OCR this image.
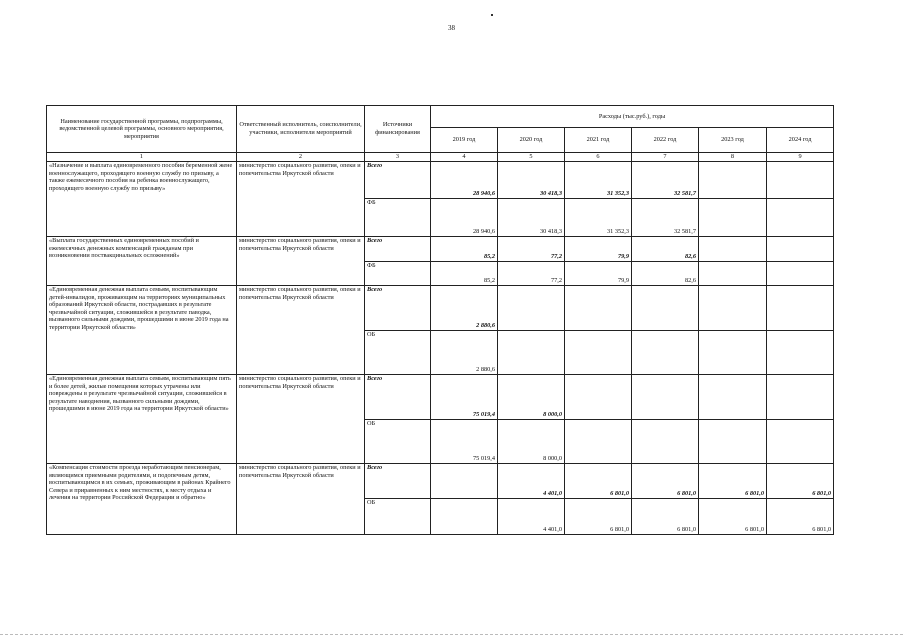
38
Наименование государственной программы, подпрограммы, ведомственной целевой программы, основного мероприятия, мероприятия	Ответственный исполнитель, соисполнители, участники, исполнители мероприятий	Источники финансирования	Расходы (тыс.руб.), годы					
			2019 год	2020 год	2021 год	2022 год	2023 год	2024 год
1	2	3	4	5	6	7	8	9
«Назначение и выплата единовременного пособия беременной жене военнослужащего, проходящего военную службу по призыву, а также ежемесячного пособия на ребенка военнослужащего, проходящего военную службу по призыву»	министерство социального развития, опеки и попечительства Иркутской области	Всего	28 940,6	30 418,3	31 352,3	32 581,7		
		ФБ	28 940,6	30 418,3	31 352,3	32 581,7		
«Выплата государственных единовременных пособий и ежемесячных денежных компенсаций гражданам при возникновении поствакцинальных осложнений»	министерство социального развития, опеки и попечительства Иркутской области	Всего	85,2	77,2	79,9	82,6		
		ФБ	85,2	77,2	79,9	82,6		
«Единовременная денежная выплата семьям, воспитывающим детей-инвалидов, проживающим на территориях муниципальных образований Иркутской области, пострадавших в результате чрезвычайной ситуации, сложившейся в результате паводка, вызванного сильными дождями, прошедшими в июне 2019 года на территории Иркутской области»	министерство социального развития, опеки и попечительства Иркутской области	Всего	2 880,6					
		ОБ	2 880,6					
«Единовременная денежная выплата семьям, воспитывающим пять и более детей, жилые помещения которых утрачены или повреждены в результате чрезвычайной ситуации, сложившейся в результате наводнения, вызванного сильными дождями, прошедшими в июне 2019 года на территории Иркутской области»	министерство социального развития, опеки и попечительства Иркутской области	Всего	75 019,4	8 000,0				
		ОБ	75 019,4	8 000,0				
«Компенсация стоимости проезда неработающим пенсионерам, являющимся приемными родителями, и подопечным детям, воспитывающимся в их семьях, проживающим в районах Крайнего Севера и приравненных к ним местностях, к месту отдыха и лечения на территории Российской Федерации и обратно»	министерство социального развития, опеки и попечительства Иркутской области	Всего		4 401,0	6 801,0	6 801,0	6 801,0	6 801,0
		ОБ		4 401,0	6 801,0	6 801,0	6 801,0	6 801,0
